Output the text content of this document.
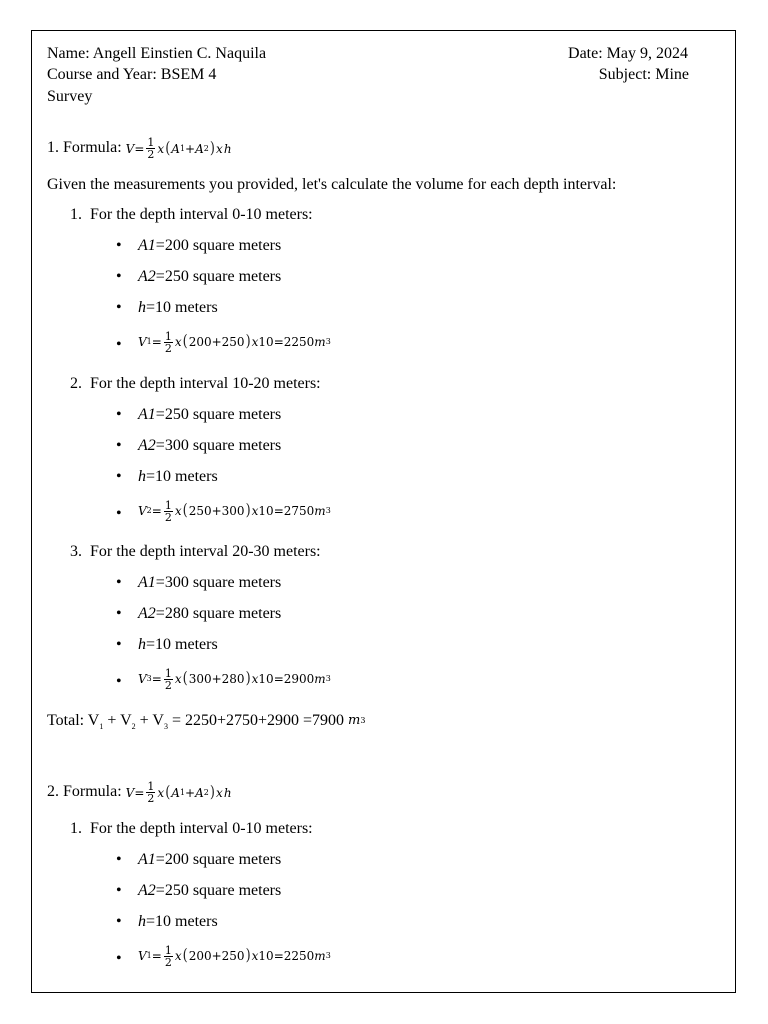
Name: Angell Einstien C. Naquila	Date: May 9, 2024
Course and Year: BSEM 4	Subject: Mine
Survey
1. Formula: $V = \frac{1}{2}$ x ( A 1 + A 2 ) x h
Given the measurements you provided, let's calculate the volume for each depth interval:
1. For the depth interval 0-10 meters:
• A1=200 square meters
• A2=250 square meters
• h=10 meters
• V $1 = \frac{1}{2}$ x ( 200+250 ) x 10= 2250 m 3
2. For the depth interval 10-20 meters:
• A1=250 square meters
• A2=300 square meters
• h=10 meters
• V $2 = \frac{1}{2}$ x ( 250+300 ) x 10= 2750 m 3
3. For the depth interval 20-30 meters:
• A1=300 square meters
• A2=280 square meters
• h=10 meters
• V $3 = \frac{1}{2}$ x ( 300+280 ) x 10= 2900 m 3
1. For the depth interval 0-10 meters:
• A1=200 square meters
• A2=250 square meters
• h=10 meters
• V $1 = \frac{1}{2}$ x ( 200+250 ) x 10= 2250 m 3
Total: $V_1 + V_2 + V_3 = 2250+2750+2900 =7900$ m 3
2. Formula: $V = \frac{1}{2}$ x ( A 1 + A 2 ) x h
